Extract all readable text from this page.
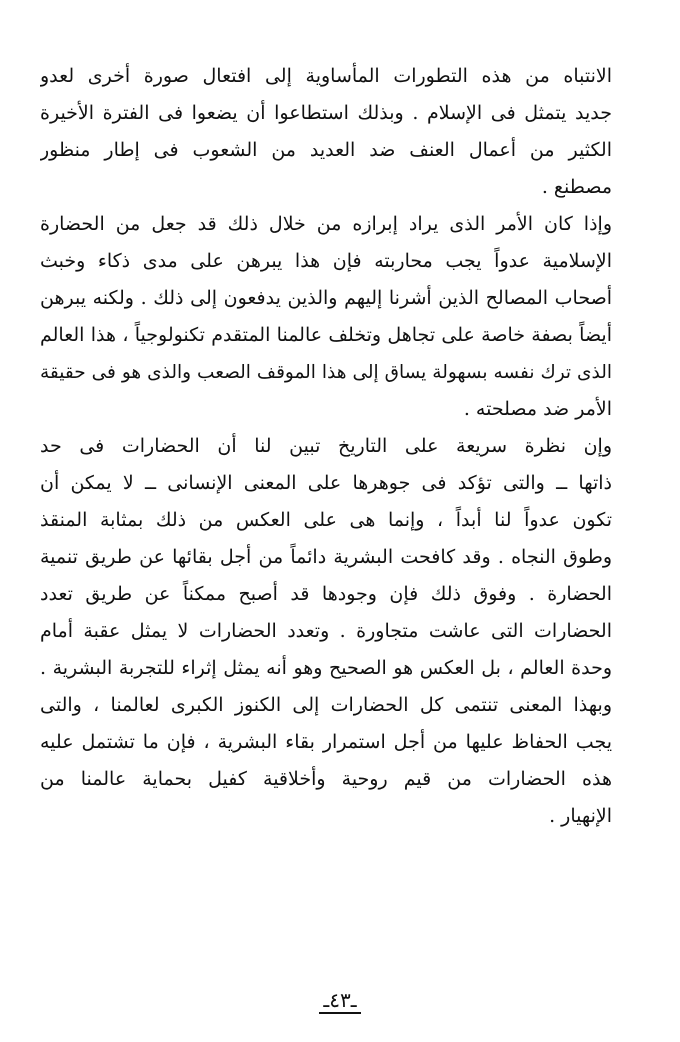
الانتباه من هذه التطورات المأساوية إلى افتعال صورة أخرى لعدو
جديد يتمثل فى الإسلام . وبذلك استطاعوا أن يضعوا فى الفترة الأخيرة
الكثير من أعمال العنف ضد العديد من الشعوب فى إطار منظور
مصطنع .
وإذا كان الأمر الذى يراد إبرازه من خلال ذلك قد جعل من الحضارة
الإسلامية عدواً يجب محاربته فإن هذا يبرهن على مدى ذكاء وخبث
أصحاب المصالح الذين أشرنا إليهم والذين يدفعون إلى ذلك . ولكنه يبرهن
أيضاً بصفة خاصة على تجاهل وتخلف عالمنا المتقدم تكنولوجياً ، هذا العالم
الذى ترك نفسه بسهولة يساق إلى هذا الموقف الصعب والذى هو فى حقيقة
الأمر ضد مصلحته .
وإن نظرة سريعة على التاريخ تبين لنا أن الحضارات فى حد
ذاتها ــ والتى تؤكد فى جوهرها على المعنى الإنسانى ــ لا يمكن أن
تكون عدواً لنا أبداً ، وإنما هى على العكس من ذلك بمثابة المنقذ
وطوق النجاه . وقد كافحت البشرية دائماً من أجل بقائها عن طريق تنمية
الحضارة . وفوق ذلك فإن وجودها قد أصبح ممكناً عن طريق تعدد
الحضارات التى عاشت متجاورة . وتعدد الحضارات لا يمثل عقبة أمام
وحدة العالم ، بل العكس هو الصحيح وهو أنه يمثل إثراء للتجربة البشرية .
وبهذا المعنى تنتمى كل الحضارات إلى الكنوز الكبرى لعالمنا ، والتى
يجب الحفاظ عليها من أجل استمرار بقاء البشرية ، فإن ما تشتمل عليه
هذه الحضارات من قيم روحية وأخلاقية كفيل بحماية عالمنا من
الإنهيار .
ـ٤٣ـ
